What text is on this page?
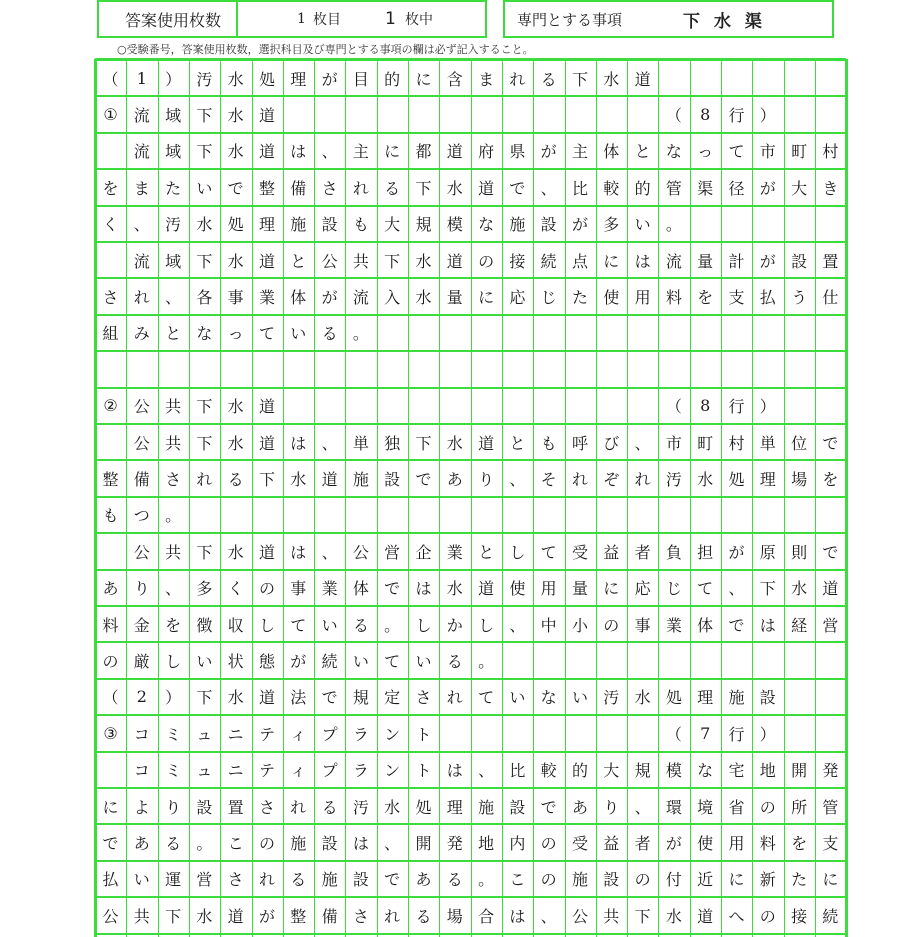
答案使用枚数	1 枚目	1 枚中	専門とする事項	下 水 渠
○受験番号，答案使用枚数，選択科目及び専門とする事項の欄は必ず記入すること。
（	1	） 汚 水 処 理 が 目 的 に 含 ま れ る 下 水 道
①	流 域 下 水 道	（	8	行 ）
流 域 下 水 道 は 、 主 に 都 道 府 県 が 主 体 と な っ て 市 町 村
を ま た い で 整 備 さ れ る 下 水 道 で 、 比 較 的 管 渠 径 が 大 き
く 、 汚 水 処 理 施 設 も 大 規 模 な 施 設 が 多 い 。
流 域 下 水 道 と 公 共 下 水 道 の 接 続 点 に は 流 量 計 が 設 置
さ れ 、 各 事 業 体 が 流 入 水 量 に 応 じ た 使 用 料 を 支 払 う 仕
組 み と な っ て い る 。
②	公 共 下 水 道	（	8	行 ）
公 共 下 水 道 は 、 単 独 下 水 道 と も 呼 び 、 市 町 村 単 位 で
整 備 さ れ る 下 水 道 施 設 で あ り 、 そ れ ぞ れ 汚 水 処 理 場 を
も つ 。
公 共 下 水 道 は 、 公 営 企 業 と し て 受 益 者 負 担 が 原 則 で
あ り 、 多 く の 事 業 体 で は 水 道 使 用 量 に 応 じ て 、 下 水 道
料 金 を 徴 収 し て い る 。 し か し 、 中 小 の 事 業 体 で は 経 営
の 厳 し い 状 態 が 続 い て い る 。
（	2	） 下 水 道 法 で 規 定 さ れ て い な い 汚 水 処 理 施 設
③	コ ミ ュ ニ テ ィ プ ラ ン ト	（	7	行 ）
コ ミ ュ ニ テ ィ プ ラ ン ト は 、 比 較 的 大 規 模 な 宅 地 開 発
に よ り 設 置 さ れ る 汚 水 処 理 施 設 で あ り 、 環 境 省 の 所 管
で あ る 。 こ の 施 設 は 、 開 発 地 内 の 受 益 者 が 使 用 料 を 支
払 い 運 営 さ れ る 施 設 で あ る 。 こ の 施 設 の 付 近 に 新 た に
公 共 下 水 道 が 整 備 さ れ る 場 合 は 、 公 共 下 水 道 へ の 接 続
